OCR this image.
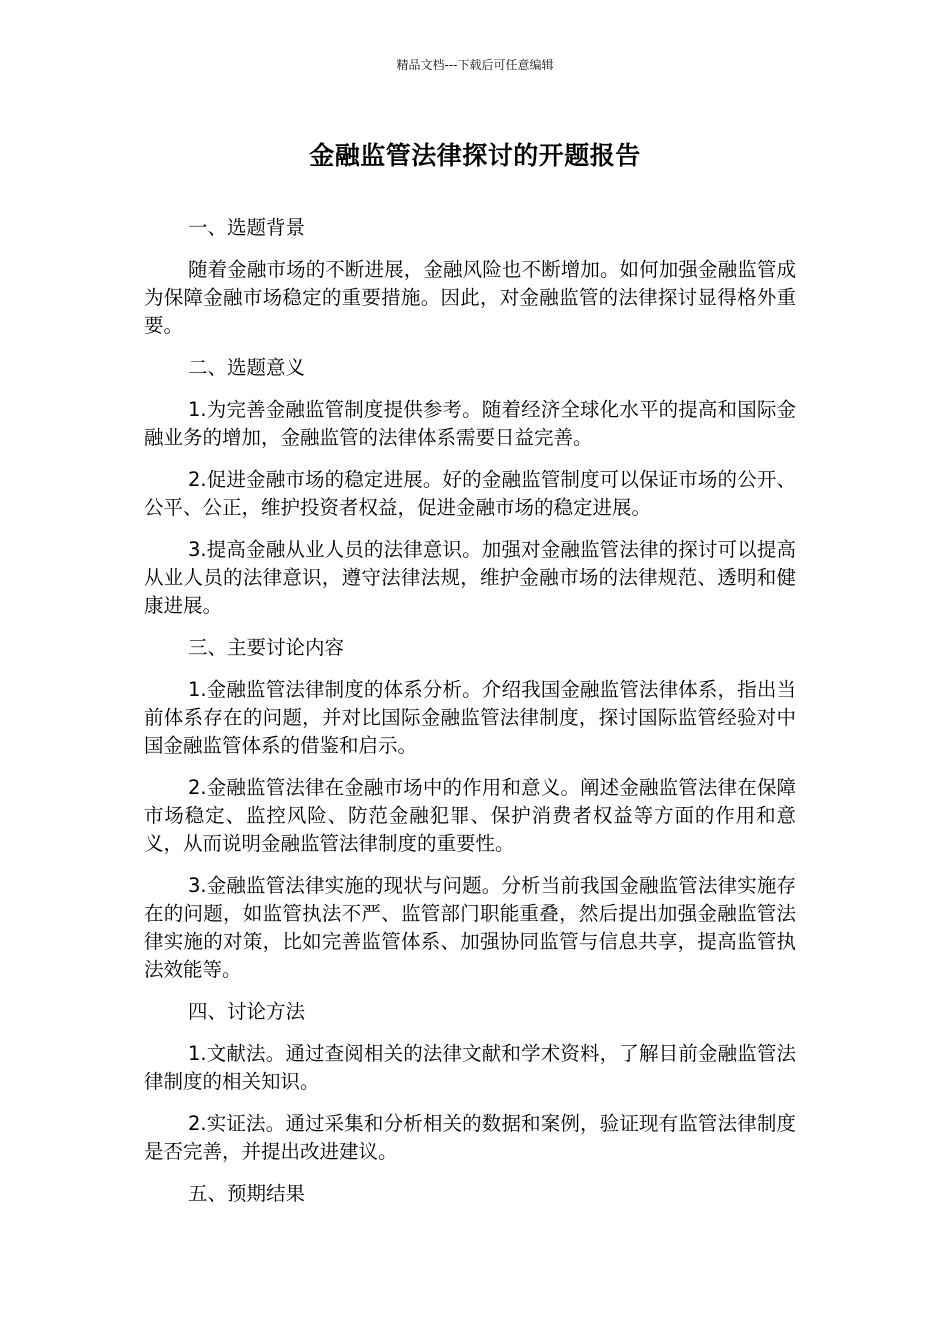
精品文档---下载后可任意编辑
金融监管法律探讨的开题报告
一、选题背景

随着金融市场的不断进展，金融风险也不断增加。如何加强金融监管成为保障金融市场稳定的重要措施。因此，对金融监管的法律探讨显得格外重要。

二、选题意义

1.为完善金融监管制度提供参考。随着经济全球化水平的提高和国际金融业务的增加，金融监管的法律体系需要日益完善。

2.促进金融市场的稳定进展。好的金融监管制度可以保证市场的公开、公平、公正，维护投资者权益，促进金融市场的稳定进展。

3.提高金融从业人员的法律意识。加强对金融监管法律的探讨可以提高从业人员的法律意识，遵守法律法规，维护金融市场的法律规范、透明和健康进展。

三、主要讨论内容

1.金融监管法律制度的体系分析。介绍我国金融监管法律体系，指出当前体系存在的问题，并对比国际金融监管法律制度，探讨国际监管经验对中国金融监管体系的借鉴和启示。

2.金融监管法律在金融市场中的作用和意义。阐述金融监管法律在保障市场稳定、监控风险、防范金融犯罪、保护消费者权益等方面的作用和意义，从而说明金融监管法律制度的重要性。

3.金融监管法律实施的现状与问题。分析当前我国金融监管法律实施存在的问题，如监管执法不严、监管部门职能重叠，然后提出加强金融监管法律实施的对策，比如完善监管体系、加强协同监管与信息共享，提高监管执法效能等。

四、讨论方法

1.文献法。通过查阅相关的法律文献和学术资料，了解目前金融监管法律制度的相关知识。

2.实证法。通过采集和分析相关的数据和案例，验证现有监管法律制度是否完善，并提出改进建议。

五、预期结果
